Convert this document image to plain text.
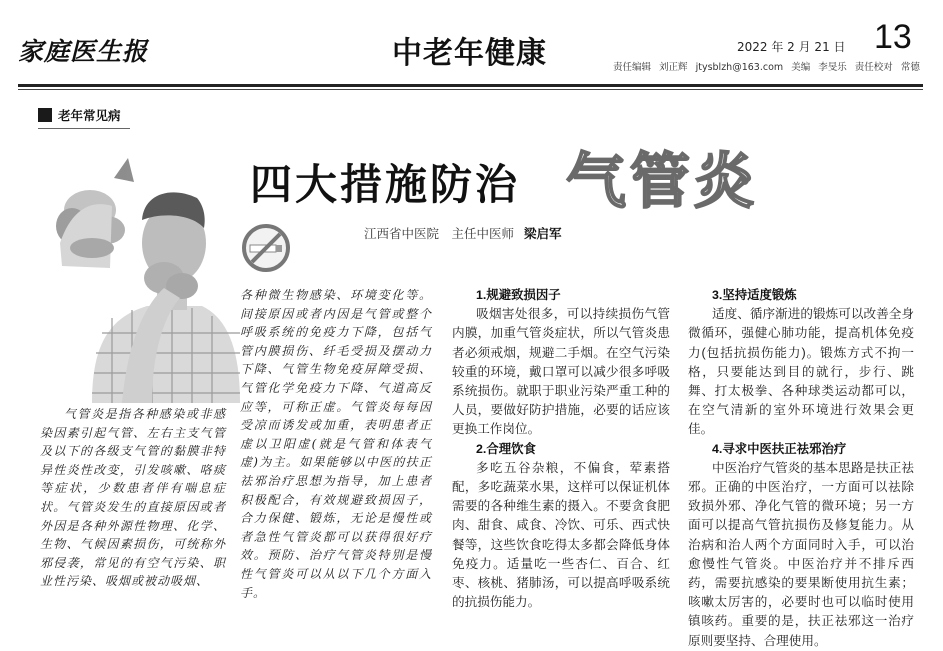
家庭医生报	中老年健康	2022 年 2 月 21 日 13
责任编辑 刘正辉 jtysblzh@163.com 美编 李旻乐 责任校对 常德
老年常见病
四大措施防治 气管炎
江西省中医院　主任中医师 梁启军
气管炎是指各种感染或非感染因素引起气管、左右主支气管及以下的各级支气管的黏膜非特异性炎性改变，引发咳嗽、咯痰等症状，少数患者伴有喘息症状。气管炎发生的直接原因或者外因是各种外源性物理、化学、生物、气候因素损伤，可统称外邪侵袭，常见的有空气污染、职业性污染、吸烟或被动吸烟、
各种微生物感染、环境变化等。间接原因或者内因是气管或整个呼吸系统的免疫力下降，包括气管内膜损伤、纤毛受损及摆动力下降、气管生物免疫屏障受损、气管化学免疫力下降、气道高反应等，可称正虚。气管炎每每因受凉而诱发或加重，表明患者正虚以卫阳虚(就是气管和体表气虚)为主。如果能够以中医的扶正祛邪治疗思想为指导，加上患者积极配合，有效规避致损因子，合力保健、锻炼，无论是慢性或者急性气管炎都可以获得很好疗效。预防、治疗气管炎特别是慢性气管炎可以从以下几个方面入手。

1.规避致损因子

吸烟害处很多，可以持续损伤气管内膜，加重气管炎症状，所以气管炎患者必须戒烟，规避二手烟。在空气污染较重的环境，戴口罩可以减少很多呼吸系统损伤。就职于职业污染严重工种的人员，要做好防护措施，必要的话应该更换工作岗位。

2.合理饮食

多吃五谷杂粮，不偏食，荤素搭配，多吃蔬菜水果，这样可以保证机体需要的各种维生素的摄入。不要贪食肥肉、甜食、咸食、冷饮、可乐、西式快餐等，这些饮食吃得太多都会降低身体免疫力。适量吃一些杏仁、百合、红枣、核桃、猪肺汤，可以提高呼吸系统的抗损伤能力。

3.坚持适度锻炼

适度、循序渐进的锻炼可以改善全身微循环，强健心肺功能，提高机体免疫力(包括抗损伤能力)。锻炼方式不拘一格，只要能达到目的就行，步行、跳舞、打太极拳、各种球类运动都可以，在空气清新的室外环境进行效果会更佳。

4.寻求中医扶正祛邪治疗

中医治疗气管炎的基本思路是扶正祛邪。正确的中医治疗，一方面可以祛除致损外邪、净化气管的微环境；另一方面可以提高气管抗损伤及修复能力。从治病和治人两个方面同时入手，可以治愈慢性气管炎。中医治疗并不排斥西药，需要抗感染的要果断使用抗生素；咳嗽太厉害的，必要时也可以临时使用镇咳药。重要的是，扶正祛邪这一治疗原则要坚持、合理使用。
